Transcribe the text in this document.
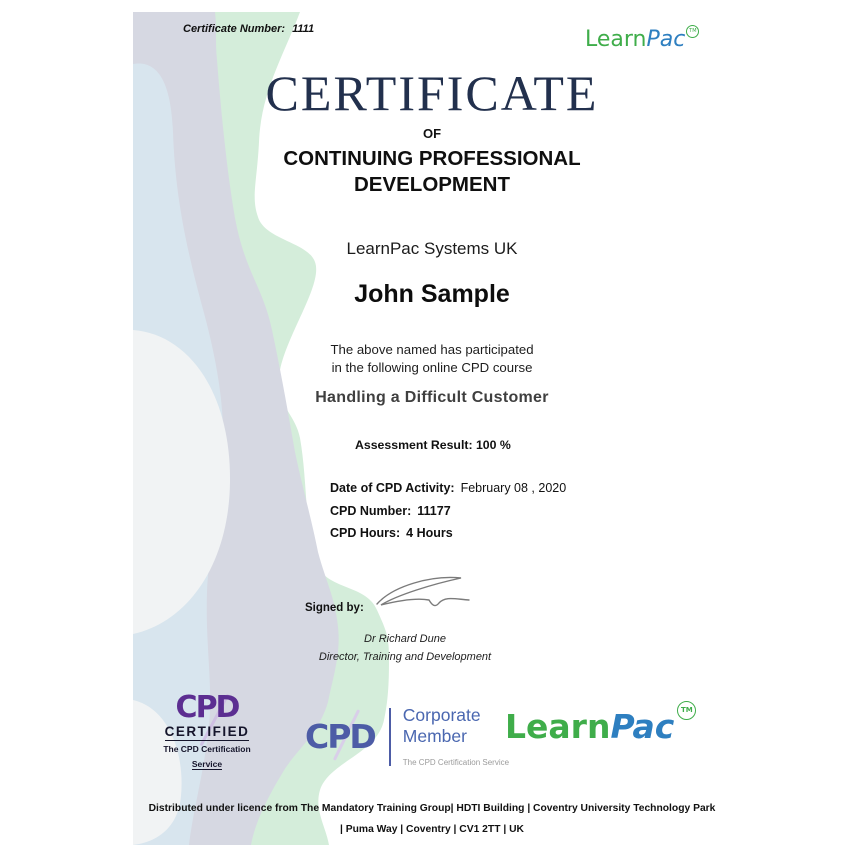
Certificate Number: 1111	LearnPac TM
CERTIFICATE
OF
CONTINUING PROFESSIONAL
DEVELOPMENT
LearnPac Systems UK
John Sample
The above named has participated
in the following online CPD course
Handling a Difficult Customer
Assessment Result: 100 %
Date of CPD Activity: February 08 , 2020
CPD Number: 11177
CPD Hours: 4 Hours
Signed by:
Dr Richard Dune
Director, Training and Development
CPD
CERTIFIED
The CPD Certification
Service
CPD
Corporate
Member
The CPD Certification Service
LearnPac TM
Distributed under licence from The Mandatory Training Group| HDTI Building | Coventry University Technology Park
| Puma Way | Coventry | CV1 2TT | UK
